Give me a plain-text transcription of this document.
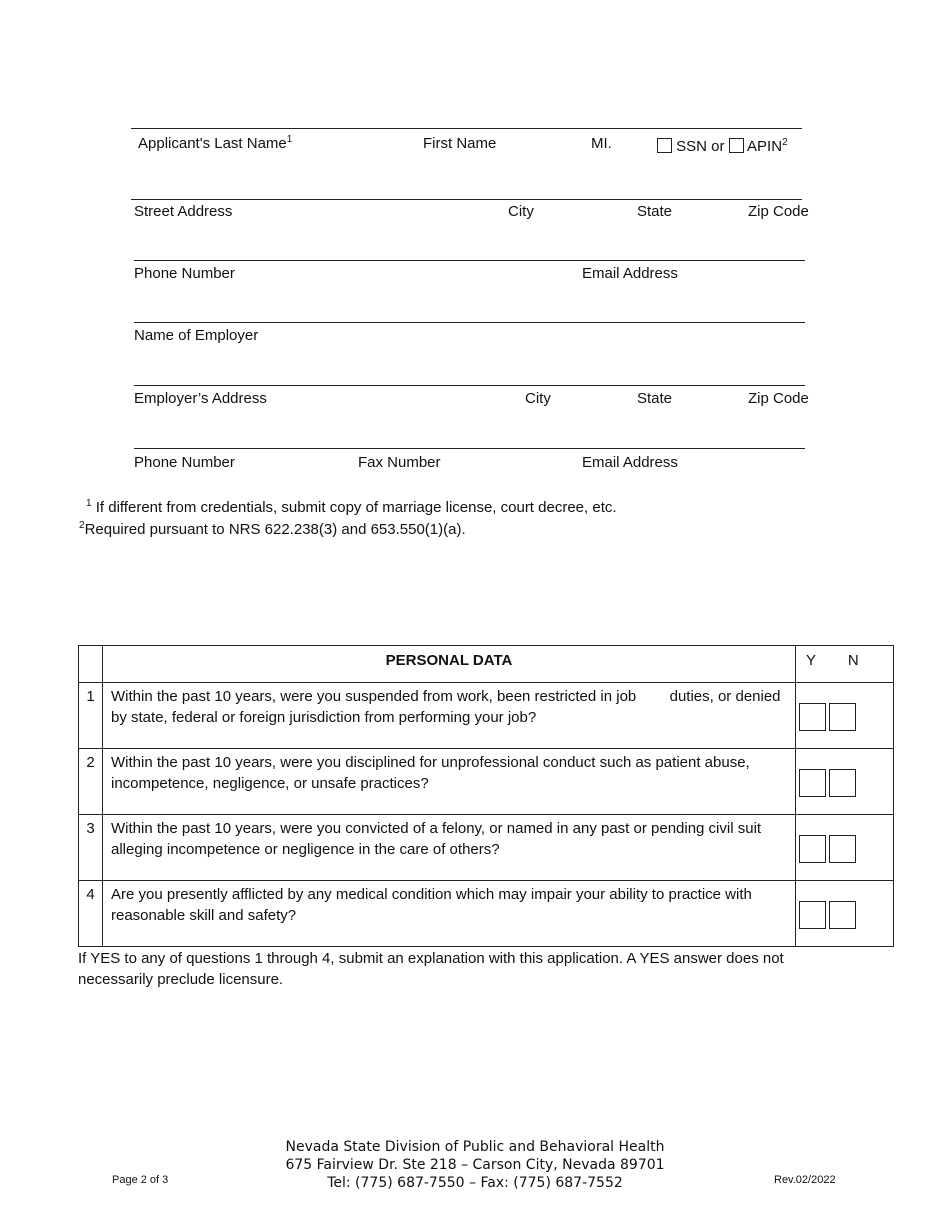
Applicant's Last Name$^1$	First Name	MI.	SSN or APIN$^2$
Street Address	City	State	Zip Code
Phone Number	Email Address
Name of Employer
Employer’s Address	City	State	Zip Code
Phone Number	Fax Number	Email Address
$^1$ If different from credentials, submit copy of marriage license, court decree, etc.
$^2$Required pursuant to NRS 622.238(3) and 653.550(1)(a).
	PERSONAL DATA	Y N
1	Within the past 10 years, were you suspended from work, been restricted in job        duties, or denied by state, federal or foreign jurisdiction from performing your job?	
2	Within the past 10 years, were you disciplined for unprofessional conduct such as patient abuse, incompetence, negligence, or unsafe practices?	
3	Within the past 10 years, were you convicted of a felony, or named in any past or pending civil suit alleging incompetence or negligence in the care of others?	
4	Are you presently afflicted by any medical condition which may impair your ability to practice with reasonable skill and safety?	
If YES to any of questions 1 through 4, submit an explanation with this application. A YES answer does not necessarily preclude licensure.
Nevada State Division of Public and Behavioral Health
675 Fairview Dr. Ste 218 – Carson City, Nevada 89701
Tel: (775) 687-7550 – Fax: (775) 687-7552
Page 2 of 3	Rev.02/2022
